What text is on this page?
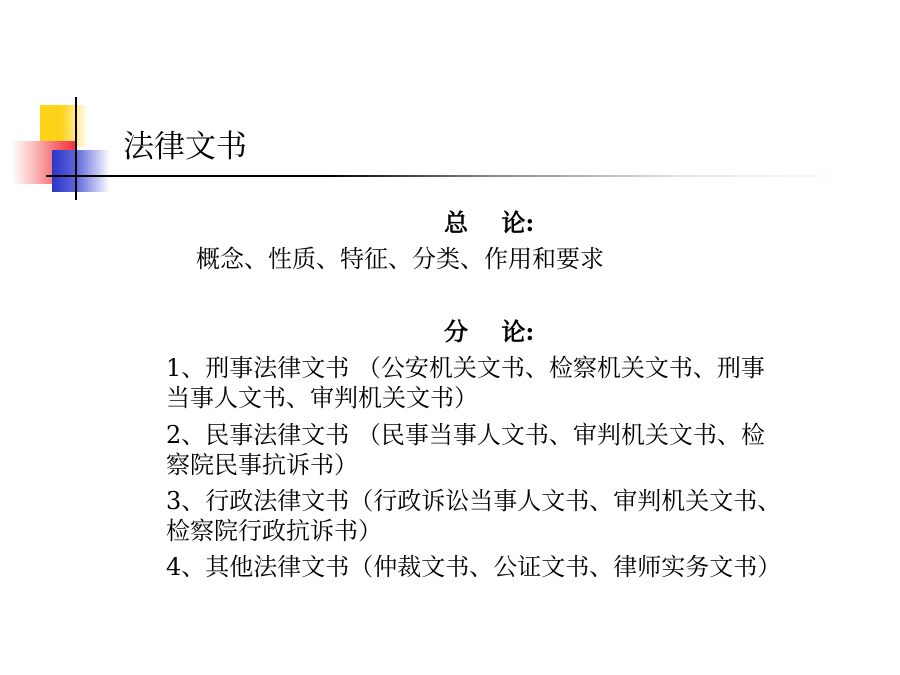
法律文书
总    论:
概念、性质、特征、分类、作用和要求
分    论:
1、刑事法律文书 （公安机关文书、检察机关文书、刑事
当事人文书、审判机关文书）
2、民事法律文书 （民事当事人文书、审判机关文书、检
察院民事抗诉书）
3、行政法律文书（行政诉讼当事人文书、审判机关文书、
检察院行政抗诉书）
4、其他法律文书（仲裁文书、公证文书、律师实务文书）
